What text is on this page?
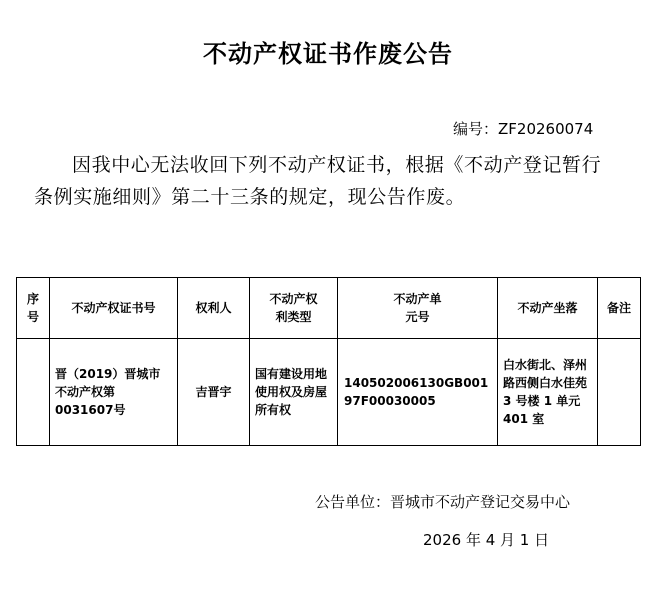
不动产权证书作废公告
编号：ZF20260074

因我中心无法收回下列不动产权证书，根据《不动产登记暂行条例实施细则》第二十三条的规定，现公告作废。

序号	不动产权证书号	权利人	不动产权利类型	不动产单元号	不动产坐落	备注
	晋（2019）晋城市不动产权第0031607号	吉晋宇	国有建设用地使用权及房屋所有权	140502006130GB00197F00030005	白水街北、泽州路西侧白水佳苑 3 号楼 1 单元 401 室	
公告单位：晋城市不动产登记交易中心
2026 年 4 月 1 日
